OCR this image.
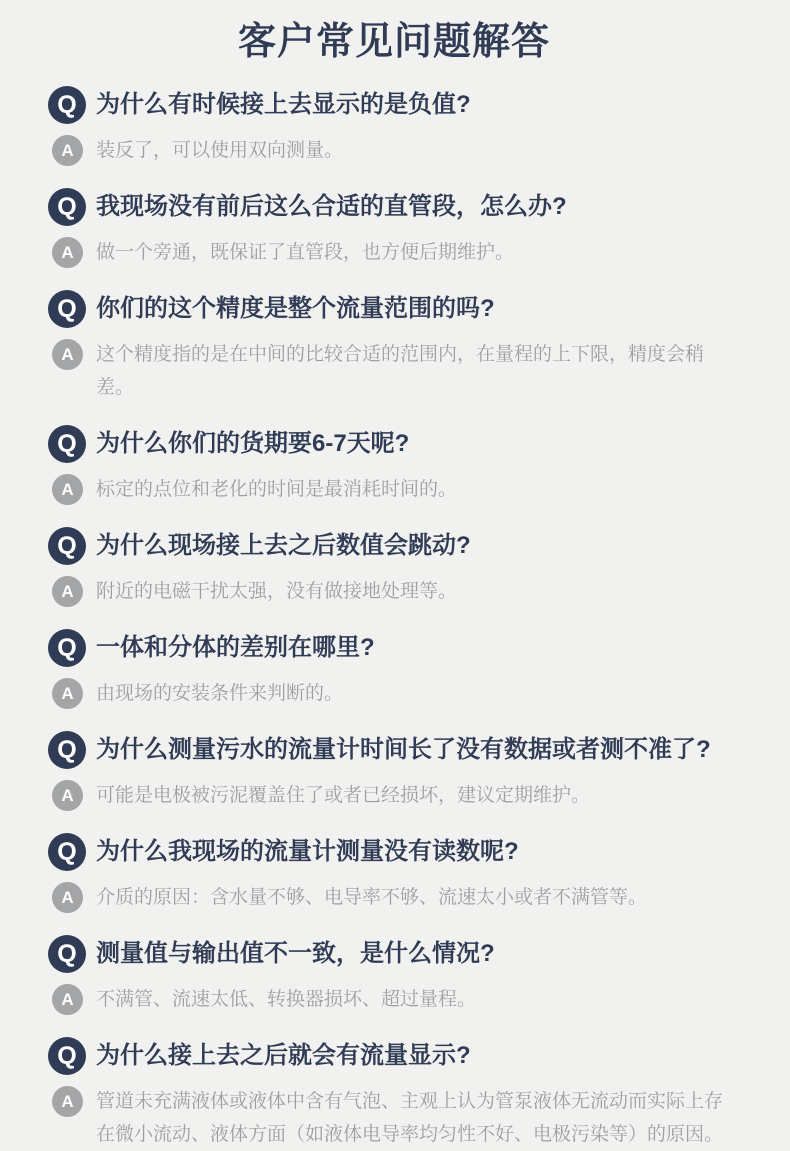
客户常见问题解答
Q 为什么有时候接上去显示的是负值?
A	装反了，可以使用双向测量。
Q 我现场没有前后这么合适的直管段，怎么办?
A	做一个旁通，既保证了直管段，也方便后期维护。
Q 你们的这个精度是整个流量范围的吗?
A	这个精度指的是在中间的比较合适的范围内，在量程的上下限，精度会稍差。
Q 为什么你们的货期要6-7天呢?
A	标定的点位和老化的时间是最消耗时间的。
Q 为什么现场接上去之后数值会跳动?
A	附近的电磁干扰太强，没有做接地处理等。
Q 一体和分体的差别在哪里?
A	由现场的安装条件来判断的。
Q 为什么测量污水的流量计时间长了没有数据或者测不准了?
A	可能是电极被污泥覆盖住了或者已经损坏，建议定期维护。
Q 为什么我现场的流量计测量没有读数呢?
A	介质的原因：含水量不够、电导率不够、流速太小或者不满管等。
Q 测量值与输出值不一致，是什么情况?
A	不满管、流速太低、转换器损坏、超过量程。
Q 为什么接上去之后就会有流量显示?
A	管道未充满液体或液体中含有气泡、主观上认为管泵液体无流动而实际上存在微小流动、液体方面（如液体电导率均匀性不好、电极污染等）的原因。
